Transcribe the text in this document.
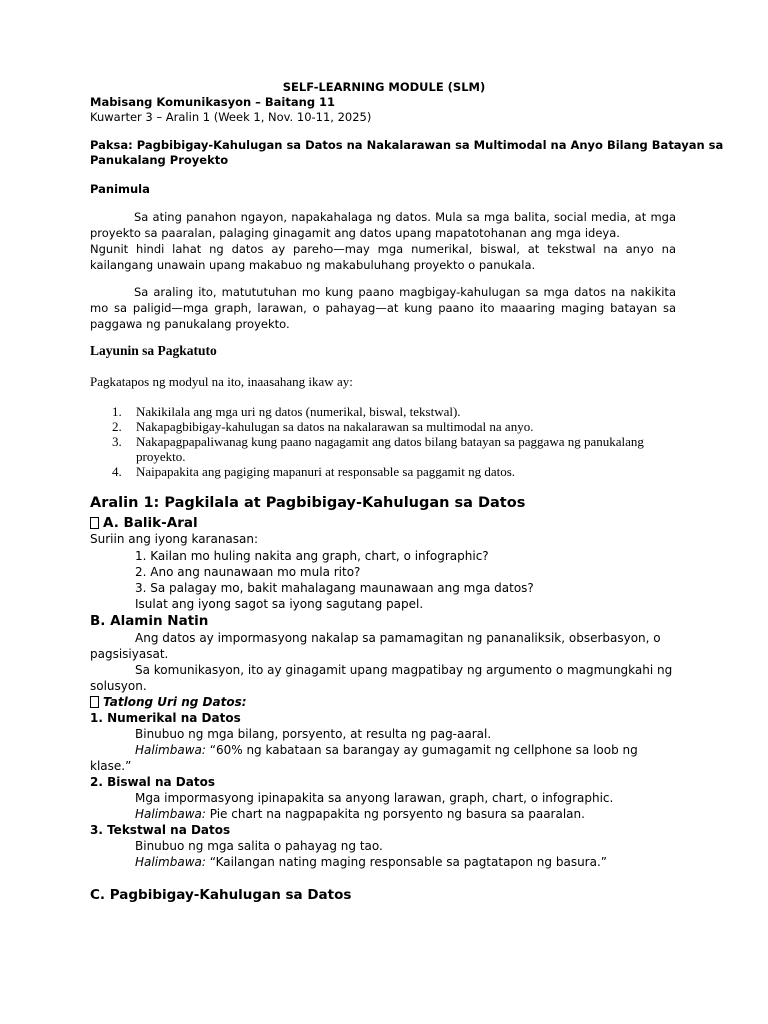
SELF-LEARNING MODULE (SLM)

Mabisang Komunikasyon – Baitang 11

Kuwarter 3 – Aralin 1 (Week 1, Nov. 10-11, 2025)

Paksa: Pagbibigay-Kahulugan sa Datos na Nakalarawan sa Multimodal na Anyo Bilang Batayan sa

Panukalang Proyekto

Panimula

Sa ating panahon ngayon, napakahalaga ng datos. Mula sa mga balita, social media, at mga proyekto sa paaralan, palaging ginagamit ang datos upang mapatotohanan ang mga ideya.

Ngunit hindi lahat ng datos ay pareho—may mga numerikal, biswal, at tekstwal na anyo na kailangang unawain upang makabuo ng makabuluhang proyekto o panukala.

Sa araling ito, matututuhan mo kung paano magbigay-kahulugan sa mga datos na nakikita mo sa paligid—mga graph, larawan, o pahayag—at kung paano ito maaaring maging batayan sa paggawa ng panukalang proyekto.

Layunin sa Pagkatuto

Pagkatapos ng modyul na ito, inaasahang ikaw ay:

1. Nakikilala ang mga uri ng datos (numerikal, biswal, tekstwal).
2. Nakapagbibigay-kahulugan sa datos na nakalarawan sa multimodal na anyo.
3. Nakapagpapaliwanag kung paano nagagamit ang datos bilang batayan sa paggawa ng panukalang proyekto.
4. Naipapakita ang pagiging mapanuri at responsable sa paggamit ng datos.

Aralin 1: Pagkilala at Pagbibigay-Kahulugan sa Datos

A. Balik-Aral

Suriin ang iyong karanasan:

1. Kailan mo huling nakita ang graph, chart, o infographic?

2. Ano ang naunawaan mo mula rito?

3. Sa palagay mo, bakit mahalagang maunawaan ang mga datos?

Isulat ang iyong sagot sa iyong sagutang papel.

B. Alamin Natin

Ang datos ay impormasyong nakalap sa pamamagitan ng pananaliksik, obserbasyon, o

pagsisiyasat.

Sa komunikasyon, ito ay ginagamit upang magpatibay ng argumento o magmungkahi ng

solusyon.

Tatlong Uri ng Datos:

1. Numerikal na Datos

Binubuo ng mga bilang, porsyento, at resulta ng pag-aaral.

Halimbawa: “60% ng kabataan sa barangay ay gumagamit ng cellphone sa loob ng

klase.”

2. Biswal na Datos

Mga impormasyong ipinapakita sa anyong larawan, graph, chart, o infographic.

Halimbawa: Pie chart na nagpapakita ng porsyento ng basura sa paaralan.

3. Tekstwal na Datos

Binubuo ng mga salita o pahayag ng tao.

Halimbawa: “Kailangan nating maging responsable sa pagtatapon ng basura.”

C. Pagbibigay-Kahulugan sa Datos
